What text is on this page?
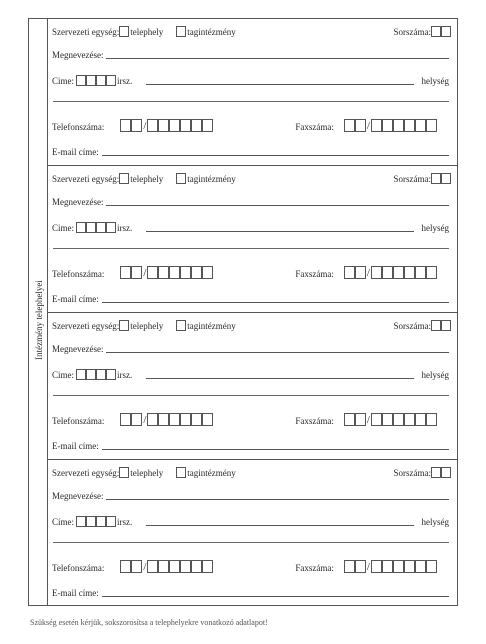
Intézmény telephelyei
Szervezeti egység: telephely	tagintézmény	Sorszáma:
Megnevezése:
Cime:	irsz.	helység
Telefonszáma:	/	Faxszáma:	/
E-mail címe:
Szervezeti egység: telephely	tagintézmény	Sorszáma:
Megnevezése:
Cime:	irsz.	helység
Telefonszáma:	/	Faxszáma:	/
E-mail címe:
Szervezeti egység: telephely	tagintézmény	Sorszáma:
Megnevezése:
Cime:	irsz.	helység
Telefonszáma:	/	Faxszáma:	/
E-mail címe:
Szervezeti egység: telephely	tagintézmény	Sorszáma:
Megnevezése:
Címe:	irsz.	helység
Telefonszáma:	/	Faxszáma:	/
E-mail címe:
Szükség esetén kérjük, sokszorosítsa a telephelyekre vonatkozó adatlapot!
